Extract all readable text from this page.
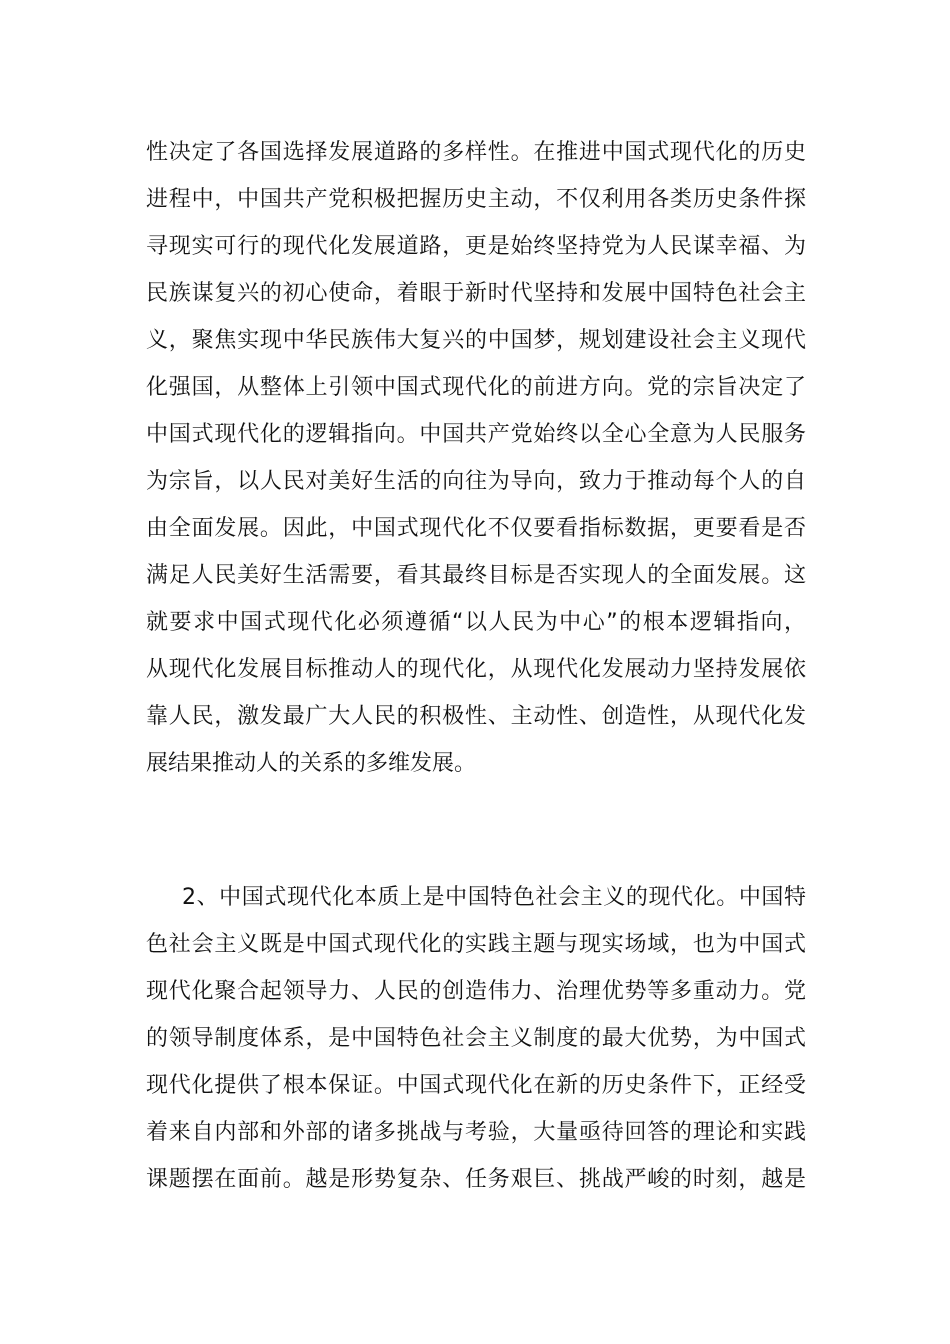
性决定了各国选择发展道路的多样性。在推进中国式现代化的历史
进程中，中国共产党积极把握历史主动，不仅利用各类历史条件探
寻现实可行的现代化发展道路，更是始终坚持党为人民谋幸福、为
民族谋复兴的初心使命，着眼于新时代坚持和发展中国特色社会主
义，聚焦实现中华民族伟大复兴的中国梦，规划建设社会主义现代
化强国，从整体上引领中国式现代化的前进方向。党的宗旨决定了
中国式现代化的逻辑指向。中国共产党始终以全心全意为人民服务
为宗旨，以人民对美好生活的向往为导向，致力于推动每个人的自
由全面发展。因此，中国式现代化不仅要看指标数据，更要看是否
满足人民美好生活需要，看其最终目标是否实现人的全面发展。这
就要求中国式现代化必须遵循“以人民为中心”的根本逻辑指向，
从现代化发展目标推动人的现代化，从现代化发展动力坚持发展依
靠人民，激发最广大人民的积极性、主动性、创造性，从现代化发
展结果推动人的关系的多维发展。
2、中国式现代化本质上是中国特色社会主义的现代化。中国特
色社会主义既是中国式现代化的实践主题与现实场域，也为中国式
现代化聚合起领导力、人民的创造伟力、治理优势等多重动力。党
的领导制度体系，是中国特色社会主义制度的最大优势，为中国式
现代化提供了根本保证。中国式现代化在新的历史条件下，正经受
着来自内部和外部的诸多挑战与考验，大量亟待回答的理论和实践
课题摆在面前。越是形势复杂、任务艰巨、挑战严峻的时刻，越是
